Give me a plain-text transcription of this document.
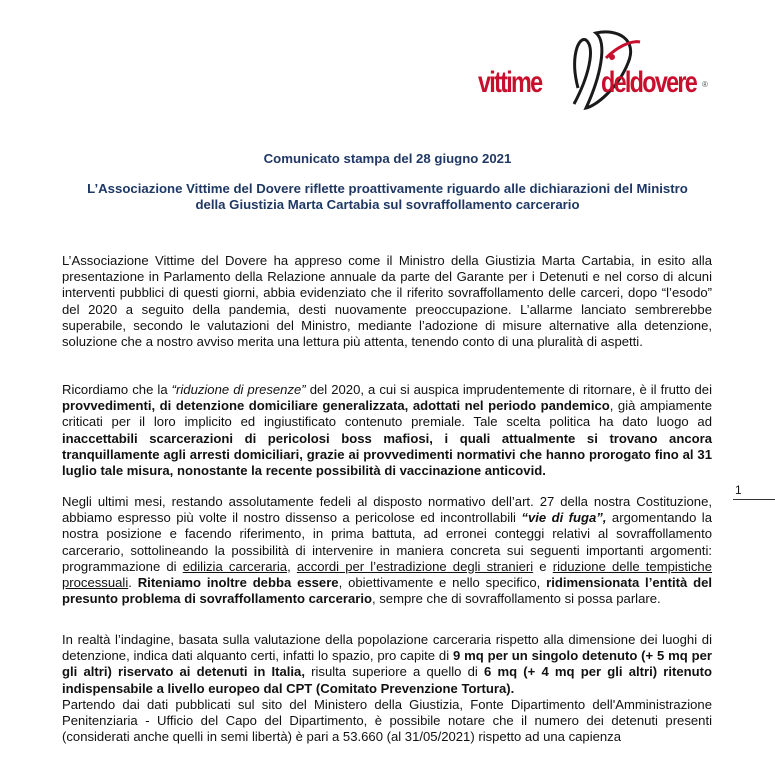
vittime deldovere ®
Comunicato stampa del 28 giugno 2021
L’Associazione Vittime del Dovere riflette proattivamente riguardo alle dichiarazioni del Ministro
della Giustizia Marta Cartabia sul sovraffollamento carcerario

L’Associazione Vittime del Dovere ha appreso come il Ministro della Giustizia Marta Cartabia, in esito alla presentazione in Parlamento della Relazione annuale da parte del Garante per i Detenuti e nel corso di alcuni interventi pubblici di questi giorni, abbia evidenziato che il riferito sovraffollamento delle carceri, dopo “l’esodo” del 2020 a seguito della pandemia, desti nuovamente preoccupazione. L’allarme lanciato sembrerebbe superabile, secondo le valutazioni del Ministro, mediante l’adozione di misure alternative alla detenzione, soluzione che a nostro avviso merita una lettura più attenta, tenendo conto di una pluralità di aspetti.

Ricordiamo che la “riduzione di presenze” del 2020, a cui si auspica imprudentemente di ritornare, è il frutto dei provvedimenti, di detenzione domiciliare generalizzata, adottati nel periodo pandemico, già ampiamente criticati per il loro implicito ed ingiustificato contenuto premiale. Tale scelta politica ha dato luogo ad inaccettabili scarcerazioni di pericolosi boss mafiosi, i quali attualmente si trovano ancora tranquillamente agli arresti domiciliari, grazie ai provvedimenti normativi che hanno prorogato fino al 31 luglio tale misura, nonostante la recente possibilità di vaccinazione anticovid.

Negli ultimi mesi, restando assolutamente fedeli al disposto normativo dell’art. 27 della nostra Costituzione, abbiamo espresso più volte il nostro dissenso a pericolose ed incontrollabili “vie di fuga”, argomentando la nostra posizione e facendo riferimento, in prima battuta, ad erronei conteggi relativi al sovraffollamento carcerario, sottolineando la possibilità di intervenire in maniera concreta sui seguenti importanti argomenti: programmazione di edilizia carceraria, accordi per l’estradizione degli stranieri e riduzione delle tempistiche processuali. Riteniamo inoltre debba essere, obiettivamente e nello specifico, ridimensionata l’entità del presunto problema di sovraffollamento carcerario, sempre che di sovraffollamento si possa parlare.

In realtà l’indagine, basata sulla valutazione della popolazione carceraria rispetto alla dimensione dei luoghi di detenzione, indica dati alquanto certi, infatti lo spazio, pro capite di 9 mq per un singolo detenuto (+ 5 mq per gli altri) riservato ai detenuti in Italia, risulta superiore a quello di 6 mq (+ 4 mq per gli altri) ritenuto indispensabile a livello europeo dal CPT (Comitato Prevenzione Tortura).

Partendo dai dati pubblicati sul sito del Ministero della Giustizia, Fonte Dipartimento dell'Amministrazione Penitenziaria - Ufficio del Capo del Dipartimento, è possibile notare che il numero dei detenuti presenti (considerati anche quelli in semi libertà) è pari a 53.660 (al 31/05/2021) rispetto ad una capienza

1
